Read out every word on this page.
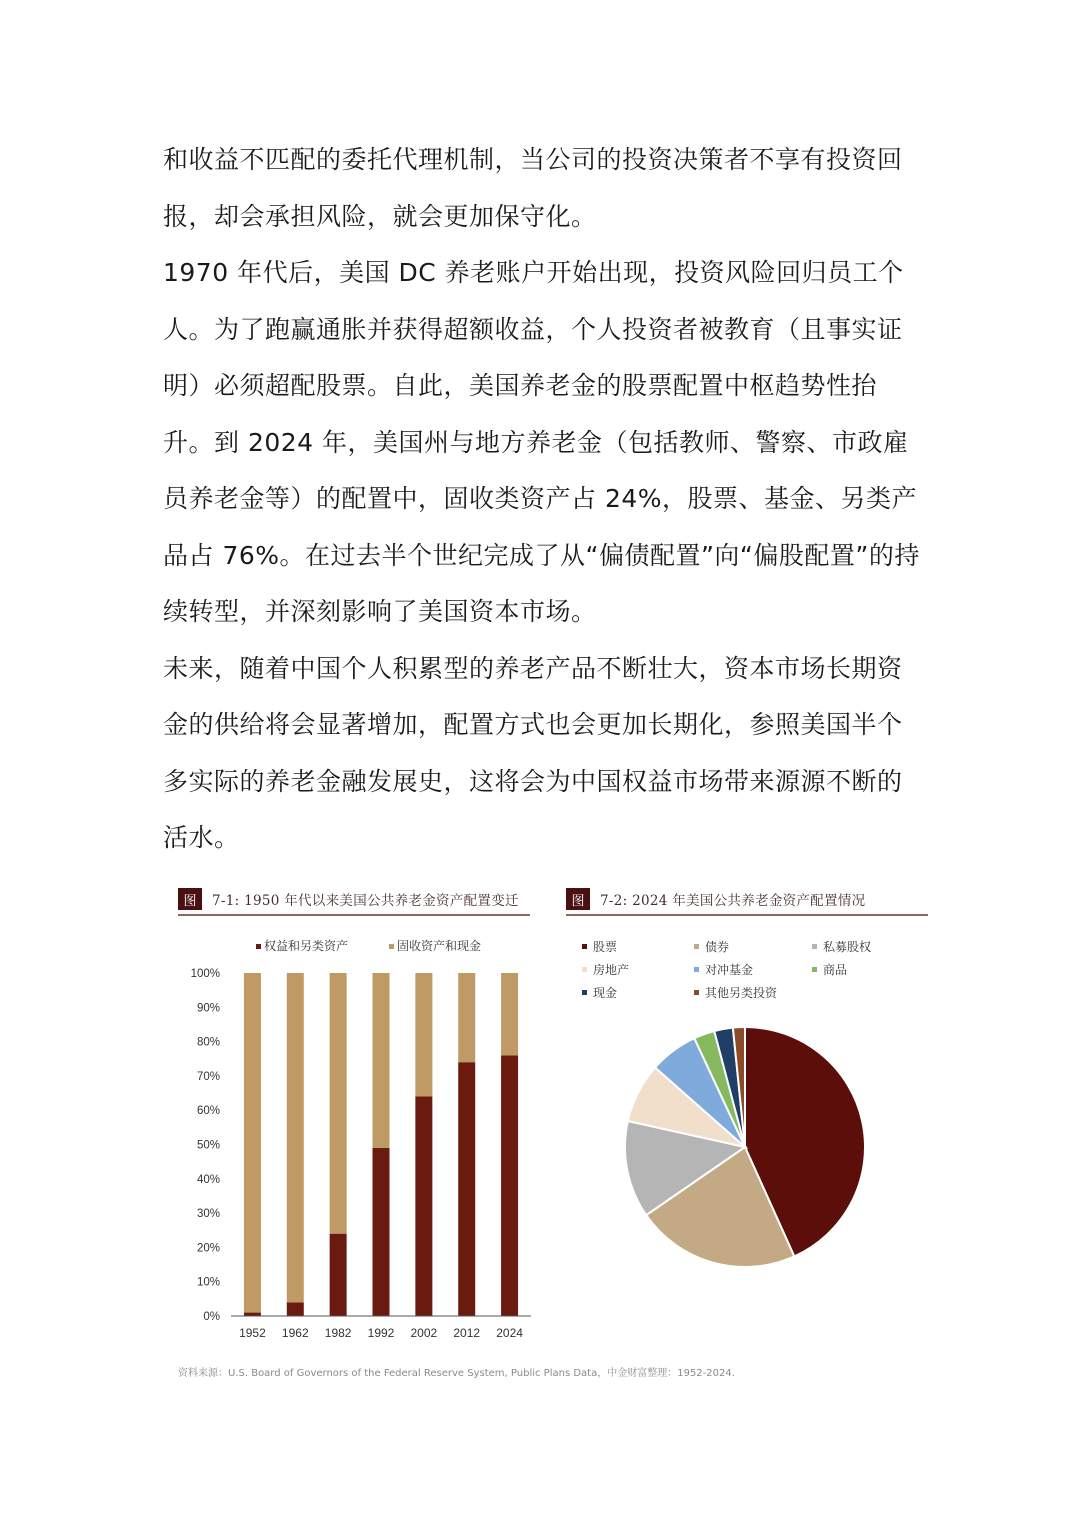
和收益不匹配的委托代理机制，当公司的投资决策者不享有投资回报，却会承担风险，就会更加保守化。

1970 年代后，美国 DC 养老账户开始出现，投资风险回归员工个人。为了跑赢通胀并获得超额收益，个人投资者被教育（且事实证明）必须超配股票。自此，美国养老金的股票配置中枢趋势性抬升。到 2024 年，美国州与地方养老金（包括教师、警察、市政雇员养老金等）的配置中，固收类资产占 24%，股票、基金、另类产品占 76%。在过去半个世纪完成了从“偏债配置”向“偏股配置”的持续转型，并深刻影响了美国资本市场。

未来，随着中国个人积累型的养老产品不断壮大，资本市场长期资金的供给将会显著增加，配置方式也会更加长期化，参照美国半个多实际的养老金融发展史，这将会为中国权益市场带来源源不断的活水。

图	7-1: 1950 年代以来美国公共养老金资产配置变迁
权益和另类资产	固收资产和现金
0%
10%
20%
30%
40%
50%
60%
70%
80%
90%
100%
1952 1962 1982 1992 2002 2012 2024
图	7-2: 2024 年美国公共养老金资产配置情况
股票	债券	私募股权
房地产	对冲基金	商品
现金	其他另类投资
资料来源：U.S. Board of Governors of the Federal Reserve System, Public Plans Data，中金财富整理：1952-2024.
